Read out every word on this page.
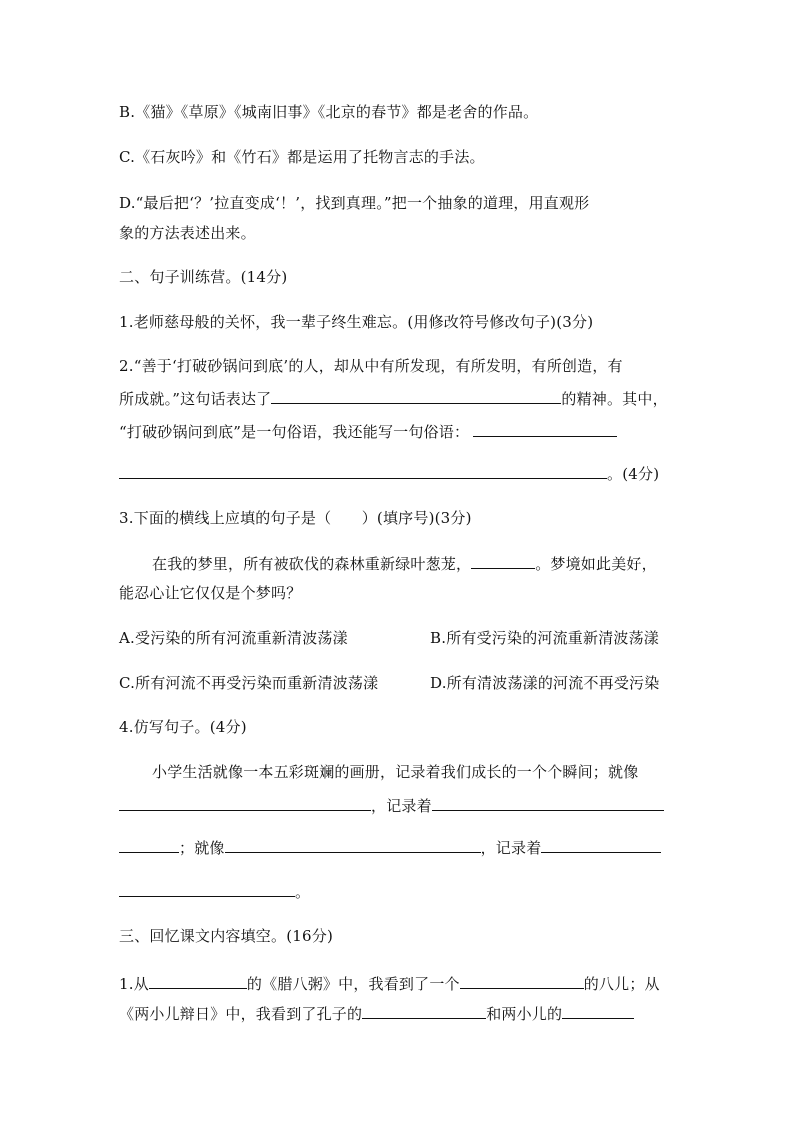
B.《猫》《草原》《城南旧事》《北京的春节》都是老舍的作品。
C.《石灰吟》和《竹石》都是运用了托物言志的手法。
D.“最后把‘？’拉直变成‘！’，找到真理。”把一个抽象的道理，用直观形
象的方法表述出来。
二、句子训练营。(14分)
1.老师慈母般的关怀，我一辈子终生难忘。(用修改符号修改句子)(3分)
2.“善于‘打破砂锅问到底’的人，却从中有所发现，有所发明，有所创造，有
所成就。”这句话表达了	的精神。其中，
“打破砂锅问到底”是一句俗语，我还能写一句俗语：
。(4分)
3.下面的横线上应填的句子是（　　）(填序号)(3分)
在我的梦里，所有被砍伐的森林重新绿叶葱茏，	。梦境如此美好，
能忍心让它仅仅是个梦吗？
A.受污染的所有河流重新清波荡漾	B.所有受污染的河流重新清波荡漾
C.所有河流不再受污染而重新清波荡漾	D.所有清波荡漾的河流不再受污染
4.仿写句子。(4分)
小学生活就像一本五彩斑斓的画册，记录着我们成长的一个个瞬间；就像
，记录着
；就像	，记录着
。
三、回忆课文内容填空。(16分)
1.从	的《腊八粥》中，我看到了一个	的八儿；从
《两小儿辩日》中，我看到了孔子的	和两小儿的
